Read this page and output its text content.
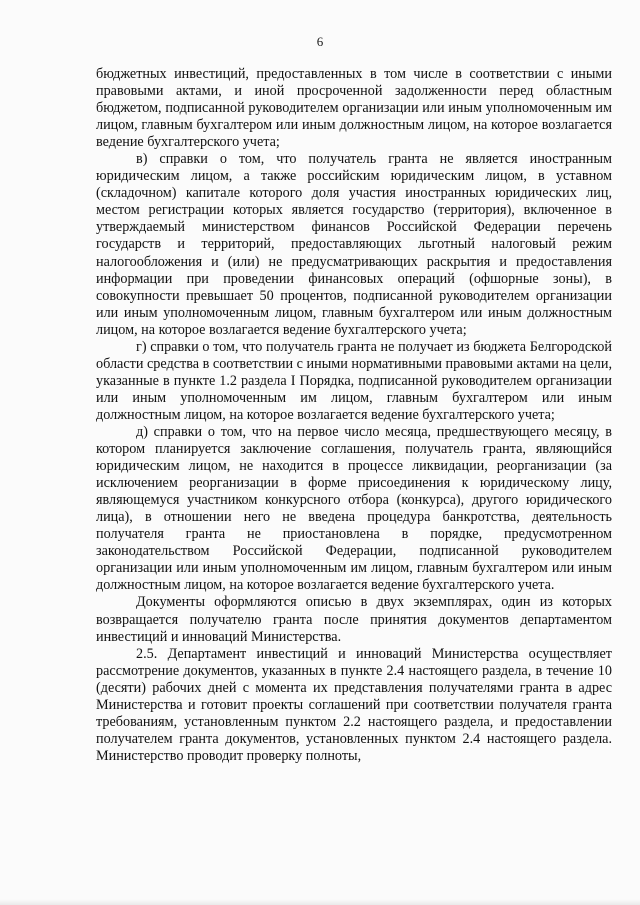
6

бюджетных инвестиций, предоставленных в том числе в соответствии с иными правовыми актами, и иной просроченной задолженности перед областным бюджетом, подписанной руководителем организации или иным уполномоченным им лицом, главным бухгалтером или иным должностным лицом, на которое возлагается ведение бухгалтерского учета;

в) справки о том, что получатель гранта не является иностранным юридическим лицом, а также российским юридическим лицом, в уставном (складочном) капитале которого доля участия иностранных юридических лиц, местом регистрации которых является государство (территория), включенное в утверждаемый министерством финансов Российской Федерации перечень государств и территорий, предоставляющих льготный налоговый режим налогообложения и (или) не предусматривающих раскрытия и предоставления информации при проведении финансовых операций (офшорные зоны), в совокупности превышает 50 процентов, подписанной руководителем организации или иным уполномоченным лицом, главным бухгалтером или иным должностным лицом, на которое возлагается ведение бухгалтерского учета;

г) справки о том, что получатель гранта не получает из бюджета Белгородской области средства в соответствии с иными нормативными правовыми актами на цели, указанные в пункте 1.2 раздела I Порядка, подписанной руководителем организации или иным уполномоченным им лицом, главным бухгалтером или иным должностным лицом, на которое возлагается ведение бухгалтерского учета;

д) справки о том, что на первое число месяца, предшествующего месяцу, в котором планируется заключение соглашения, получатель гранта, являющийся юридическим лицом, не находится в процессе ликвидации, реорганизации (за исключением реорганизации в форме присоединения к юридическому лицу, являющемуся участником конкурсного отбора (конкурса), другого юридического лица), в отношении него не введена процедура банкротства, деятельность получателя гранта не приостановлена в порядке, предусмотренном законодательством Российской Федерации, подписанной руководителем организации или иным уполномоченным им лицом, главным бухгалтером или иным должностным лицом, на которое возлагается ведение бухгалтерского учета.

Документы оформляются описью в двух экземплярах, один из которых возвращается получателю гранта после принятия документов департаментом инвестиций и инноваций Министерства.

2.5. Департамент инвестиций и инноваций Министерства осуществляет рассмотрение документов, указанных в пункте 2.4 настоящего раздела, в течение 10 (десяти) рабочих дней с момента их представления получателями гранта в адрес Министерства и готовит проекты соглашений при соответствии получателя гранта требованиям, установленным пунктом 2.2 настоящего раздела, и предоставлении получателем гранта документов, установленных пунктом 2.4 настоящего раздела. Министерство проводит проверку полноты,
